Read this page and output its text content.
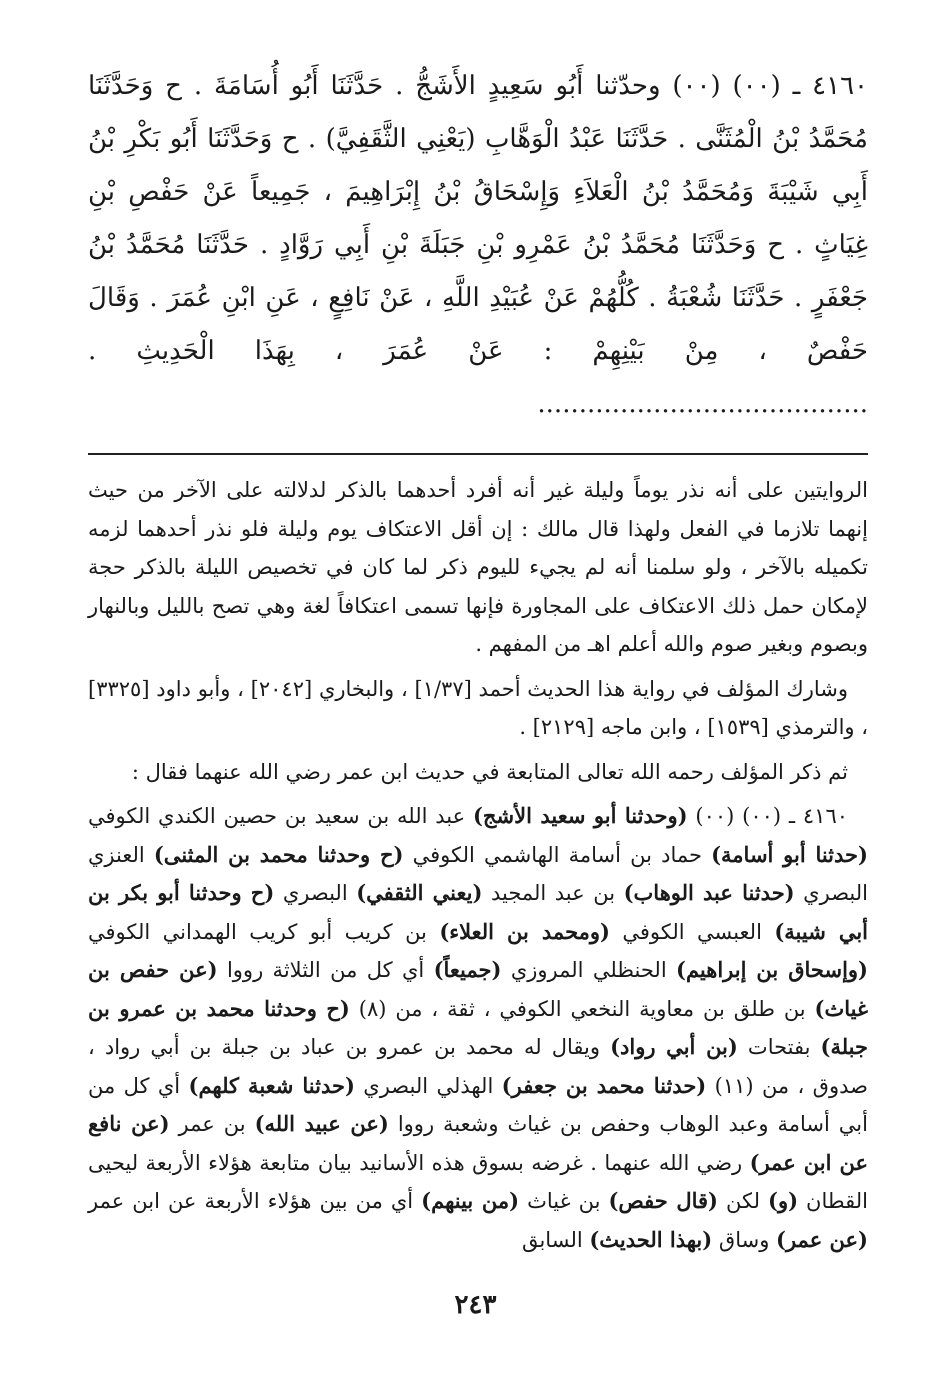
٤١٦٠ ـ (٠٠) (٠٠) وحدّثنا أَبُو سَعِيدٍ الأَشَجُّ . حَدَّثَنَا أَبُو أُسَامَةَ . ح وَحَدَّثَنَا مُحَمَّدُ بْنُ الْمُثَنَّى . حَدَّثَنَا عَبْدُ الْوَهَّابِ (يَعْنِي الثَّقَفِيَّ) . ح وَحَدَّثَنَا أَبُو بَكْرِ بْنُ أَبِي شَيْبَةَ وَمُحَمَّدُ بْنُ الْعَلاَءِ وَإِسْحَاقُ بْنُ إِبْرَاهِيمَ ، جَمِيعاً عَنْ حَفْصِ بْنِ غِيَاثٍ . ح وَحَدَّثَنَا مُحَمَّدُ بْنُ عَمْرِو بْنِ جَبَلَةَ بْنِ أَبِي رَوَّادٍ . حَدَّثَنَا مُحَمَّدُ بْنُ جَعْفَرٍ . حَدَّثَنَا شُعْبَةُ . كُلُّهُمْ عَنْ عُبَيْدِ اللَّهِ ، عَنْ نَافِعٍ ، عَنِ ابْنِ عُمَرَ . وَقَالَ حَفْصٌ ، مِنْ بَيْنِهِمْ : عَنْ عُمَرَ ، بِهَذَا الْحَدِيثِ . ........................................

الروايتين على أنه نذر يوماً وليلة غير أنه أفرد أحدهما بالذكر لدلالته على الآخر من حيث إنهما تلازما في الفعل ولهذا قال مالك : إن أقل الاعتكاف يوم وليلة فلو نذر أحدهما لزمه تكميله بالآخر ، ولو سلمنا أنه لم يجيء لليوم ذكر لما كان في تخصيص الليلة بالذكر حجة لإمكان حمل ذلك الاعتكاف على المجاورة فإنها تسمى اعتكافاً لغة وهي تصح بالليل وبالنهار وبصوم وبغير صوم والله أعلم اهـ من المفهم .

وشارك المؤلف في رواية هذا الحديث أحمد [١/٣٧] ، والبخاري [٢٠٤٢] ، وأبو داود [٣٣٢٥] ، والترمذي [١٥٣٩] ، وابن ماجه [٢١٢٩] .

ثم ذكر المؤلف رحمه الله تعالى المتابعة في حديث ابن عمر رضي الله عنهما فقال :

٤١٦٠ ـ (٠٠) (٠٠) (وحدثنا أبو سعيد الأشج) عبد الله بن سعيد بن حصين الكندي الكوفي (حدثنا أبو أسامة) حماد بن أسامة الهاشمي الكوفي (ح وحدثنا محمد بن المثنى) العنزي البصري (حدثنا عبد الوهاب) بن عبد المجيد (يعني الثقفي) البصري (ح وحدثنا أبو بكر بن أبي شيبة) العبسي الكوفي (ومحمد بن العلاء) بن كريب أبو كريب الهمداني الكوفي (وإسحاق بن إبراهيم) الحنظلي المروزي (جميعاً) أي كل من الثلاثة رووا (عن حفص بن غياث) بن طلق بن معاوية النخعي الكوفي ، ثقة ، من (٨) (ح وحدثنا محمد بن عمرو بن جبلة) بفتحات (بن أبي رواد) ويقال له محمد بن عمرو بن عباد بن جبلة بن أبي رواد ، صدوق ، من (١١) (حدثنا محمد بن جعفر) الهذلي البصري (حدثنا شعبة كلهم) أي كل من أبي أسامة وعبد الوهاب وحفص بن غياث وشعبة رووا (عن عبيد الله) بن عمر (عن نافع عن ابن عمر) رضي الله عنهما . غرضه بسوق هذه الأسانيد بيان متابعة هؤلاء الأربعة ليحيى القطان (و) لكن (قال حفص) بن غياث (من بينهم) أي من بين هؤلاء الأربعة عن ابن عمر (عن عمر) وساق (بهذا الحديث) السابق

٢٤٣
